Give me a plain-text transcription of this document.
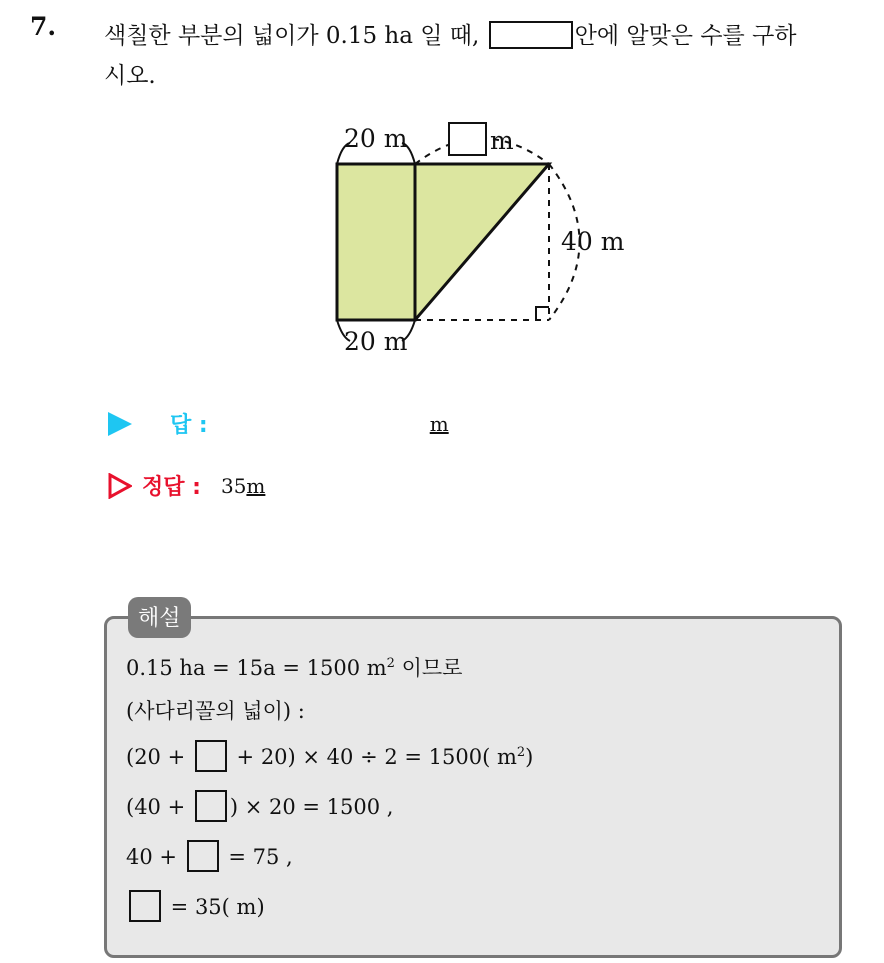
7. 색칠한 부분의 넓이가 0.15 ha 일 때,	안에 알맞은 수를 구하
시오.
20 m	m
40 m
20 m
답 :	m
정답 : 35 m
해설
0.15 ha = 15a = 1500 $m^2$ 이므로
(사다리꼴의 넓이) :
(20 +  + 20) × 40 ÷ 2 = 1500( $m^2$)
(40 + ) × 20 = 1500 ,
40 +  = 75 ,
= 35( m)
